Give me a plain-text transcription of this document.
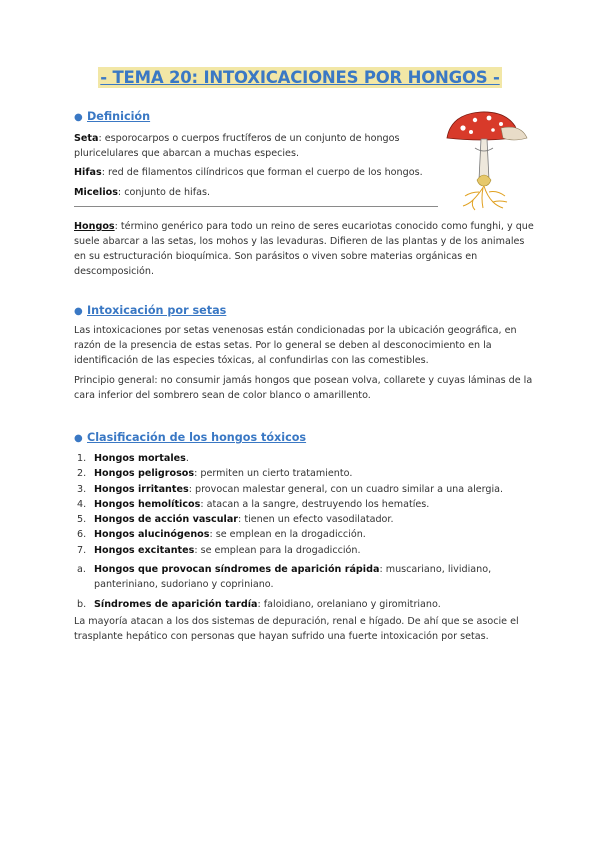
- TEMA 20: INTOXICACIONES POR HONGOS -
● Definición
Seta: esporocarpos o cuerpos fructíferos de un conjunto de hongos pluricelulares que abarcan a muchas especies.
Hifas: red de filamentos cilíndricos que forman el cuerpo de los hongos.
Micelios: conjunto de hifas.
Hongos: término genérico para todo un reino de seres eucariotas conocido como funghi, y que suele abarcar a las setas, los mohos y las levaduras. Difieren de las plantas y de los animales en su estructuración bioquímica. Son parásitos o viven sobre materias orgánicas en descomposición.
● Intoxicación por setas
Las intoxicaciones por setas venenosas están condicionadas por la ubicación geográfica, en razón de la presencia de estas setas. Por lo general se deben al desconocimiento en la identificación de las especies tóxicas, al confundirlas con las comestibles.
Principio general: no consumir jamás hongos que posean volva, collarete y cuyas láminas de la cara inferior del sombrero sean de color blanco o amarillento.
● Clasificación de los hongos tóxicos
1. Hongos mortales.
2. Hongos peligrosos: permiten un cierto tratamiento.
3. Hongos irritantes: provocan malestar general, con un cuadro similar a una alergia.
4. Hongos hemolíticos: atacan a la sangre, destruyendo los hematíes.
5. Hongos de acción vascular: tienen un efecto vasodilatador.
6. Hongos alucinógenos: se emplean en la drogadicción.
7. Hongos excitantes: se emplean para la drogadicción.
a. Hongos que provocan síndromes de aparición rápida: muscariano, lividiano, panteriniano, sudoriano y copriniano.
b. Síndromes de aparición tardía: faloidiano, orelaniano y giromitriano.
La mayoría atacan a los dos sistemas de depuración, renal e hígado. De ahí que se asocie el trasplante hepático con personas que hayan sufrido una fuerte intoxicación por setas.
